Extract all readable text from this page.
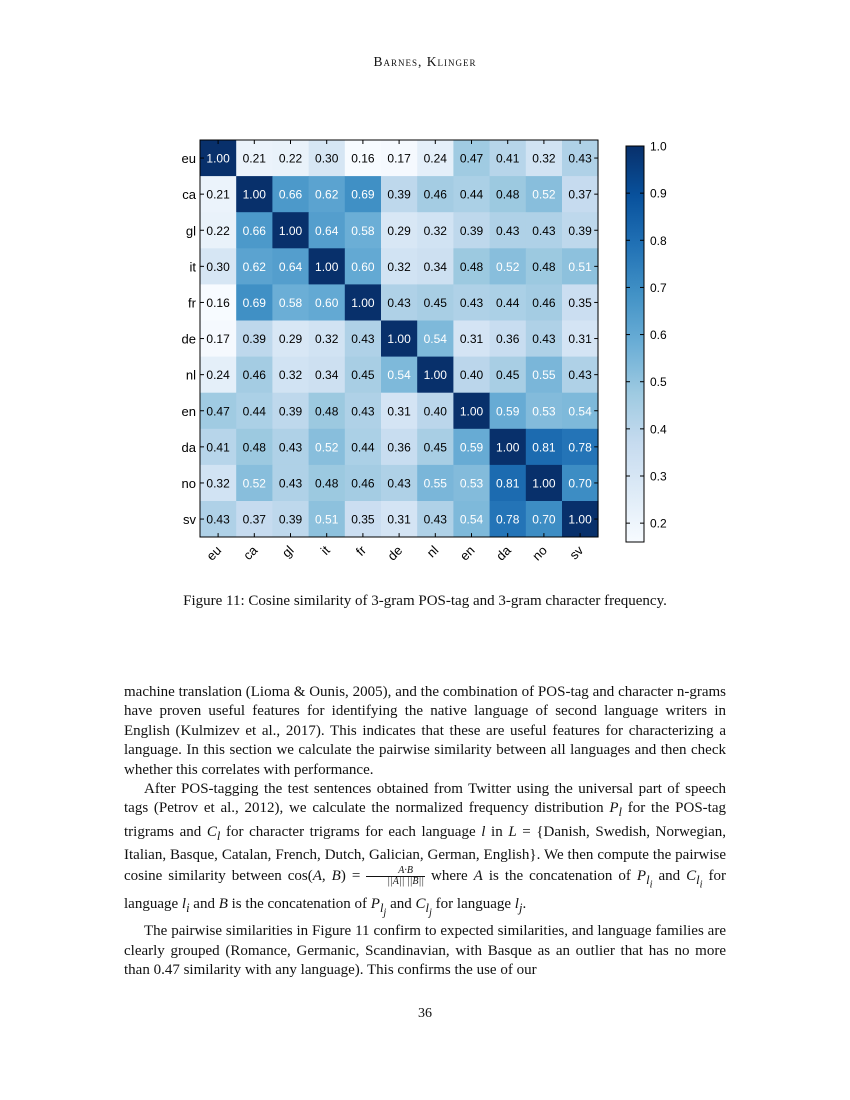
Barnes, Klinger
1.00 0.21 0.22 0.30 0.16 0.17 0.24 0.47 0.41 0.32 0.43
0.21 1.00 0.66 0.62 0.69 0.39 0.46 0.44 0.48 0.52 0.37
0.22 0.66 1.00 0.64 0.58 0.29 0.32 0.39 0.43 0.43 0.39
0.30 0.62 0.64 1.00 0.60 0.32 0.34 0.48 0.52 0.48 0.51
0.16 0.69 0.58 0.60 1.00 0.43 0.45 0.43 0.44 0.46 0.35
0.17 0.39 0.29 0.32 0.43 1.00 0.54 0.31 0.36 0.43 0.31
0.24 0.46 0.32 0.34 0.45 0.54 1.00 0.40 0.45 0.55 0.43
0.47 0.44 0.39 0.48 0.43 0.31 0.40 1.00 0.59 0.53 0.54
0.41 0.48 0.43 0.52 0.44 0.36 0.45 0.59 1.00 0.81 0.78
0.32 0.52 0.43 0.48 0.46 0.43 0.55 0.53 0.81 1.00 0.70
0.43 0.37 0.39 0.51 0.35 0.31 0.43 0.54 0.78 0.70 1.00
eu
eu
ca
ca
gl
gl
it
it
fr
fr
de
de
nl
nl
en
en
da
da
no
no
sv
sv
1.0
0.9
0.8
0.7
0.6
0.5
0.4
0.3
0.2
Figure 11: Cosine similarity of 3-gram POS-tag and 3-gram character frequency.

machine translation (Lioma & Ounis, 2005), and the combination of POS-tag and character n-grams have proven useful features for identifying the native language of second language writers in English (Kulmizev et al., 2017). This indicates that these are useful features for characterizing a language. In this section we calculate the pairwise similarity between all languages and then check whether this correlates with performance.

After POS-tagging the test sentences obtained from Twitter using the universal part of speech tags (Petrov et al., 2012), we calculate the normalized frequency distribution $P_l$ for the POS-tag trigrams and $C_l$ for character trigrams for each language l in L = {Danish, Swedish, Norwegian, Italian, Basque, Catalan, French, Dutch, Galician, German, English}. We then compute the pairwise cosine similarity between cos(A, $B) = \frac{A\cdot B}{||A|| ||B||}$ where A is the concatenation of $P_{l_i}$ and $C_{l_i}$ for language $l_i$ and B is the concatenation of $P_{l_j}$ and $C_{l_j}$ for language $l_j$.

The pairwise similarities in Figure 11 confirm to expected similarities, and language families are clearly grouped (Romance, Germanic, Scandinavian, with Basque as an outlier that has no more than 0.47 similarity with any language). This confirms the use of our

36
